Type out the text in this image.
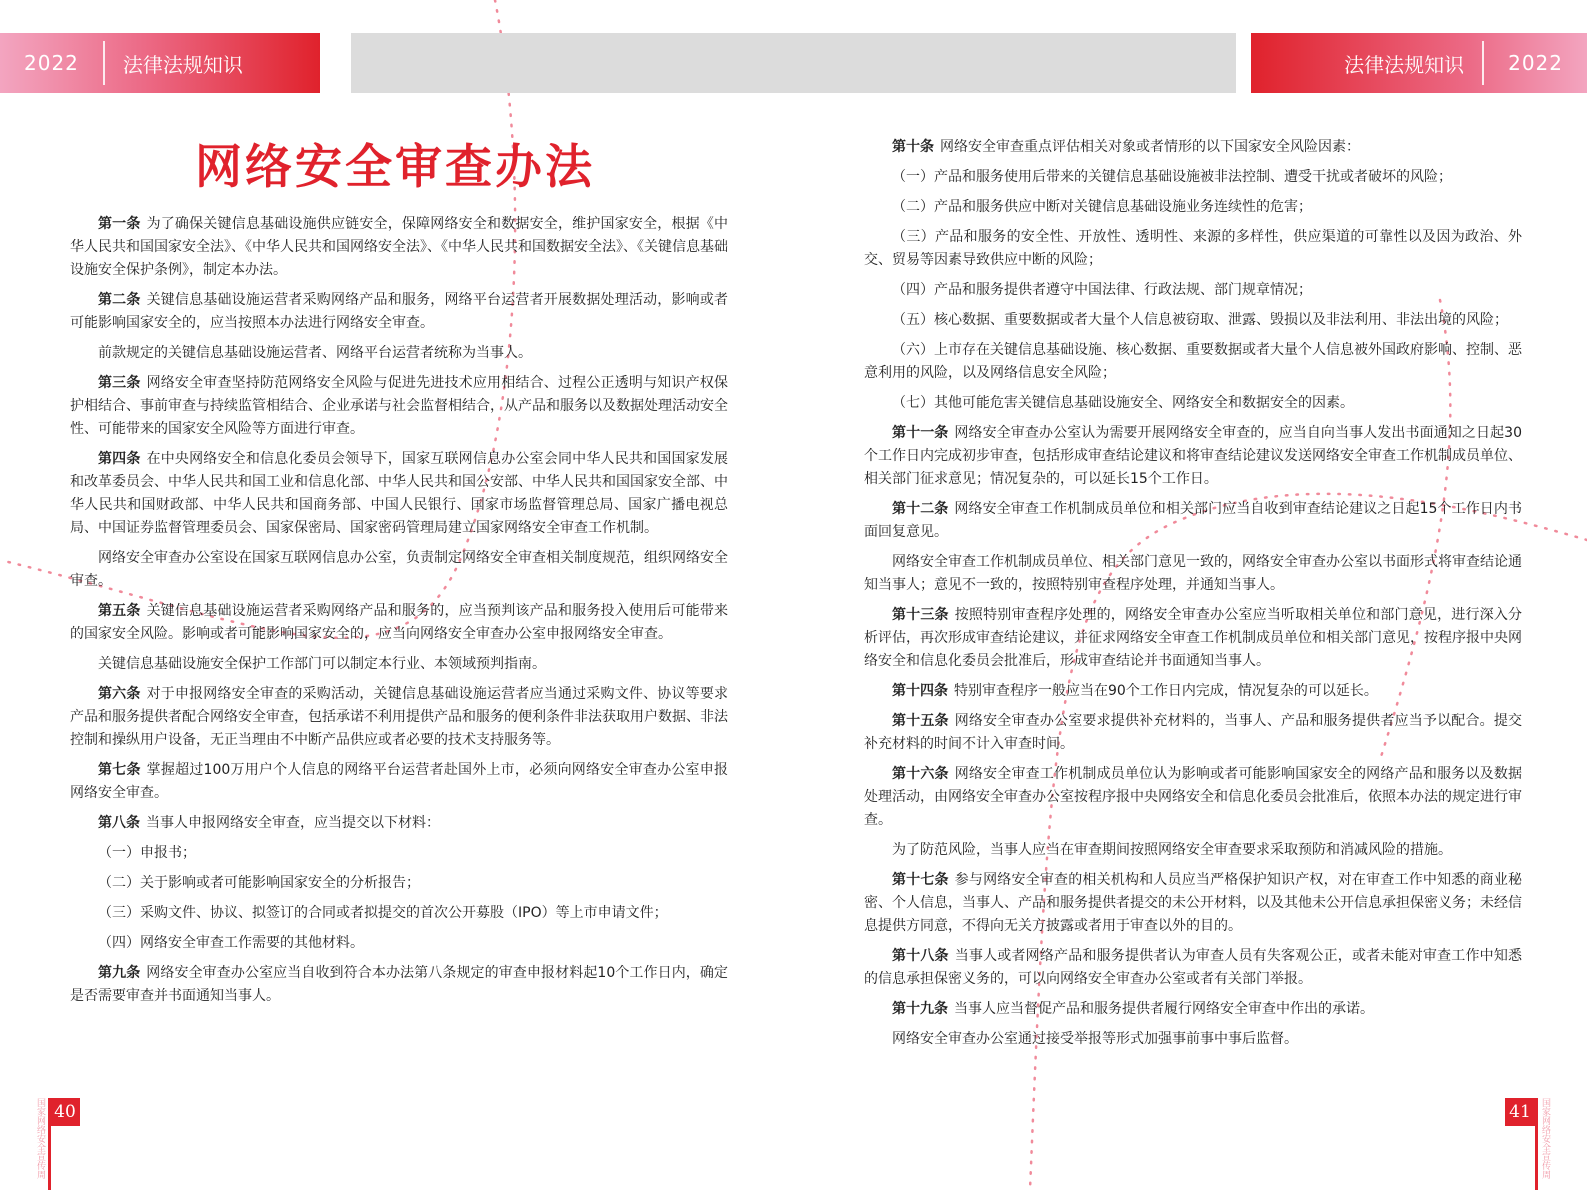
2022	法律法规知识	法律法规知识	2022
网络安全审查办法

第一条 为了确保关键信息基础设施供应链安全，保障网络安全和数据安全，维护国家安全，根据《中华人民共和国国家安全法》、《中华人民共和国网络安全法》、《中华人民共和国数据安全法》、《关键信息基础设施安全保护条例》，制定本办法。

第二条 关键信息基础设施运营者采购网络产品和服务，网络平台运营者开展数据处理活动，影响或者可能影响国家安全的，应当按照本办法进行网络安全审查。

前款规定的关键信息基础设施运营者、网络平台运营者统称为当事人。

第三条 网络安全审查坚持防范网络安全风险与促进先进技术应用相结合、过程公正透明与知识产权保护相结合、事前审查与持续监管相结合、企业承诺与社会监督相结合，从产品和服务以及数据处理活动安全性、可能带来的国家安全风险等方面进行审查。

第四条 在中央网络安全和信息化委员会领导下，国家互联网信息办公室会同中华人民共和国国家发展和改革委员会、中华人民共和国工业和信息化部、中华人民共和国公安部、中华人民共和国国家安全部、中华人民共和国财政部、中华人民共和国商务部、中国人民银行、国家市场监督管理总局、国家广播电视总局、中国证券监督管理委员会、国家保密局、国家密码管理局建立国家网络安全审查工作机制。

网络安全审查办公室设在国家互联网信息办公室，负责制定网络安全审查相关制度规范，组织网络安全审查。

第五条 关键信息基础设施运营者采购网络产品和服务的，应当预判该产品和服务投入使用后可能带来的国家安全风险。影响或者可能影响国家安全的，应当向网络安全审查办公室申报网络安全审查。

关键信息基础设施安全保护工作部门可以制定本行业、本领域预判指南。

第六条 对于申报网络安全审查的采购活动，关键信息基础设施运营者应当通过采购文件、协议等要求产品和服务提供者配合网络安全审查，包括承诺不利用提供产品和服务的便利条件非法获取用户数据、非法控制和操纵用户设备，无正当理由不中断产品供应或者必要的技术支持服务等。

第七条 掌握超过100万用户个人信息的网络平台运营者赴国外上市，必须向网络安全审查办公室申报网络安全审查。

第八条 当事人申报网络安全审查，应当提交以下材料：

（一）申报书；

（二）关于影响或者可能影响国家安全的分析报告；

（三）采购文件、协议、拟签订的合同或者拟提交的首次公开募股（IPO）等上市申请文件；

（四）网络安全审查工作需要的其他材料。

第九条 网络安全审查办公室应当自收到符合本办法第八条规定的审查申报材料起10个工作日内，确定是否需要审查并书面通知当事人。

第十条 网络安全审查重点评估相关对象或者情形的以下国家安全风险因素：

（一）产品和服务使用后带来的关键信息基础设施被非法控制、遭受干扰或者破坏的风险；

（二）产品和服务供应中断对关键信息基础设施业务连续性的危害；

（三）产品和服务的安全性、开放性、透明性、来源的多样性，供应渠道的可靠性以及因为政治、外交、贸易等因素导致供应中断的风险；

（四）产品和服务提供者遵守中国法律、行政法规、部门规章情况；

（五）核心数据、重要数据或者大量个人信息被窃取、泄露、毁损以及非法利用、非法出境的风险；

（六）上市存在关键信息基础设施、核心数据、重要数据或者大量个人信息被外国政府影响、控制、恶意利用的风险，以及网络信息安全风险；

（七）其他可能危害关键信息基础设施安全、网络安全和数据安全的因素。

第十一条 网络安全审查办公室认为需要开展网络安全审查的，应当自向当事人发出书面通知之日起30个工作日内完成初步审查，包括形成审查结论建议和将审查结论建议发送网络安全审查工作机制成员单位、相关部门征求意见；情况复杂的，可以延长15个工作日。

第十二条 网络安全审查工作机制成员单位和相关部门应当自收到审查结论建议之日起15个工作日内书面回复意见。

网络安全审查工作机制成员单位、相关部门意见一致的，网络安全审查办公室以书面形式将审查结论通知当事人；意见不一致的，按照特别审查程序处理，并通知当事人。

第十三条 按照特别审查程序处理的，网络安全审查办公室应当听取相关单位和部门意见，进行深入分析评估，再次形成审查结论建议，并征求网络安全审查工作机制成员单位和相关部门意见，按程序报中央网络安全和信息化委员会批准后，形成审查结论并书面通知当事人。

第十四条 特别审查程序一般应当在90个工作日内完成，情况复杂的可以延长。

第十五条 网络安全审查办公室要求提供补充材料的，当事人、产品和服务提供者应当予以配合。提交补充材料的时间不计入审查时间。

第十六条 网络安全审查工作机制成员单位认为影响或者可能影响国家安全的网络产品和服务以及数据处理活动，由网络安全审查办公室按程序报中央网络安全和信息化委员会批准后，依照本办法的规定进行审查。

为了防范风险，当事人应当在审查期间按照网络安全审查要求采取预防和消减风险的措施。

第十七条 参与网络安全审查的相关机构和人员应当严格保护知识产权，对在审查工作中知悉的商业秘密、个人信息，当事人、产品和服务提供者提交的未公开材料，以及其他未公开信息承担保密义务；未经信息提供方同意，不得向无关方披露或者用于审查以外的目的。

第十八条 当事人或者网络产品和服务提供者认为审查人员有失客观公正，或者未能对审查工作中知悉的信息承担保密义务的，可以向网络安全审查办公室或者有关部门举报。

第十九条 当事人应当督促产品和服务提供者履行网络安全审查中作出的承诺。

网络安全审查办公室通过接受举报等形式加强事前事中事后监督。

国家网络安全宣传周 40	41	国家网络安全宣传周
